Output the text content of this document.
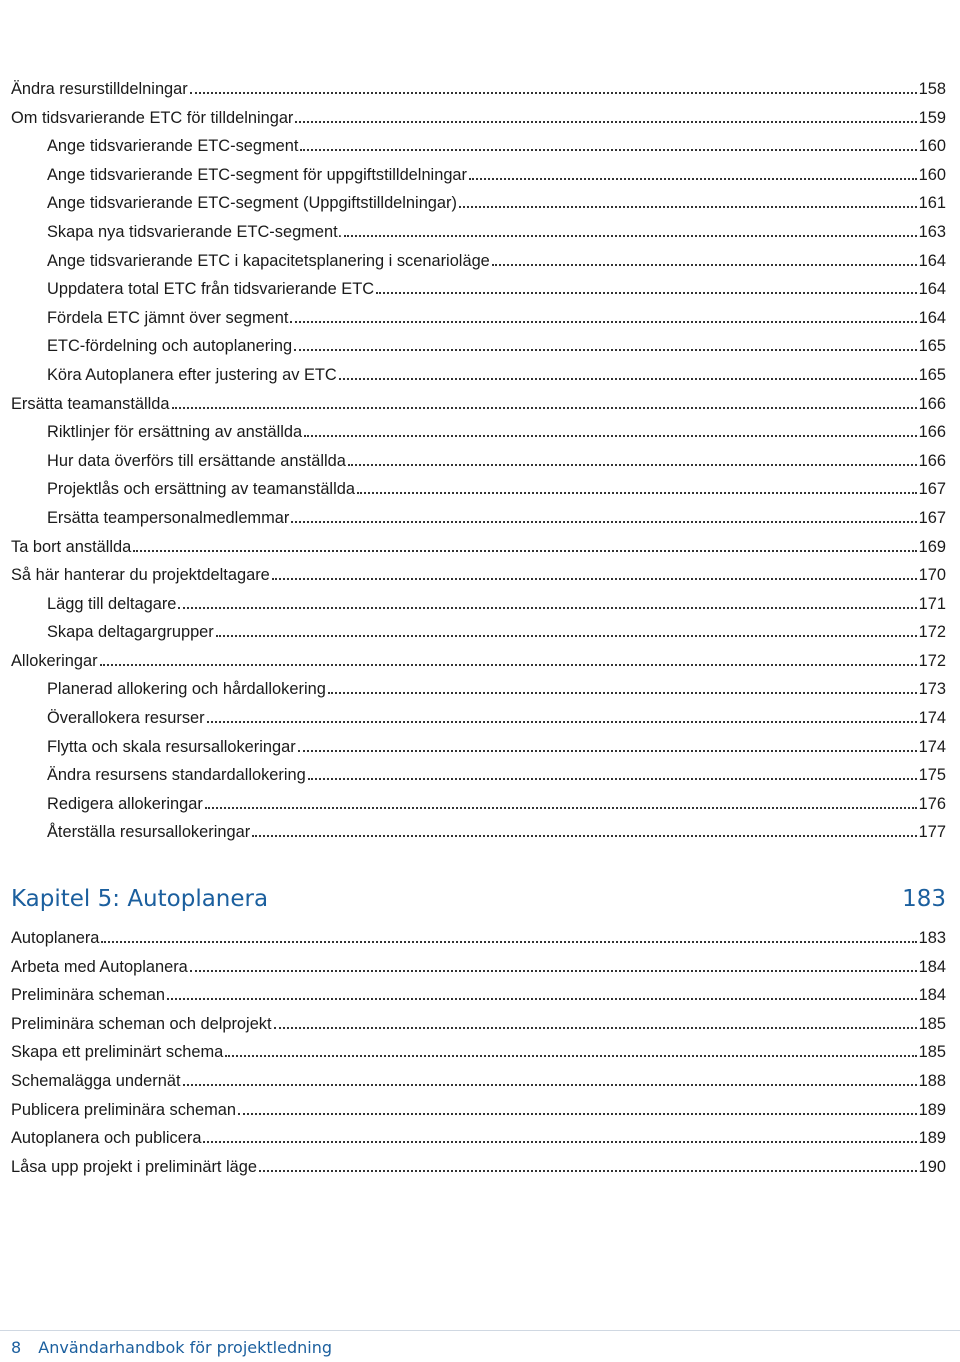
Ändra resurstilldelningar	158
Om tidsvarierande ETC för tilldelningar	159
Ange tidsvarierande ETC-segment	160
Ange tidsvarierande ETC-segment för uppgiftstilldelningar	160
Ange tidsvarierande ETC-segment (Uppgiftstilldelningar)	161
Skapa nya tidsvarierande ETC-segment.	163
Ange tidsvarierande ETC i kapacitetsplanering i scenarioläge	164
Uppdatera total ETC från tidsvarierande ETC	164
Fördela ETC jämnt över segment	164
ETC-fördelning och autoplanering	165
Köra Autoplanera efter justering av ETC	165
Ersätta teamanställda	166
Riktlinjer för ersättning av anställda	166
Hur data överförs till ersättande anställda	166
Projektlås och ersättning av teamanställda	167
Ersätta teampersonalmedlemmar	167
Ta bort anställda	169
Så här hanterar du projektdeltagare	170
Lägg till deltagare	171
Skapa deltagargrupper	172
Allokeringar	172
Planerad allokering och hårdallokering	173
Överallokera resurser	174
Flytta och skala resursallokeringar	174
Ändra resursens standardallokering	175
Redigera allokeringar	176
Återställa resursallokeringar	177
Kapitel 5: Autoplanera	183
Autoplanera	183
Arbeta med Autoplanera	184
Preliminära scheman	184
Preliminära scheman och delprojekt	185
Skapa ett preliminärt schema	185
Schemalägga undernät	188
Publicera preliminära scheman	189
Autoplanera och publicera	189
Låsa upp projekt i preliminärt läge	190
8 Användarhandbok för projektledning
